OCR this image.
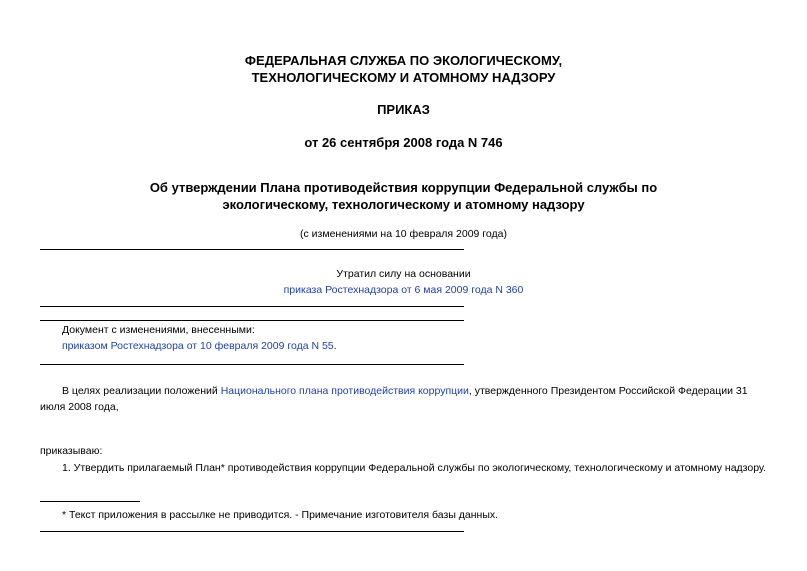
ФЕДЕРАЛЬНАЯ СЛУЖБА ПО ЭКОЛОГИЧЕСКОМУ,
ТЕХНОЛОГИЧЕСКОМУ И АТОМНОМУ НАДЗОРУ
ПРИКАЗ
от 26 сентября 2008 года N 746
Об утверждении Плана противодействия коррупции Федеральной службы по
экологическому, технологическому и атомному надзору
(с изменениями на 10 февраля 2009 года)
Утратил силу на основании
приказа Ростехнадзора от 6 мая 2009 года N 360
Документ с изменениями, внесенными:
приказом Ростехнадзора от 10 февраля 2009 года N 55.
В целях реализации положений Национального плана противодействия коррупции, утвержденного Президентом Российской Федерации 31 июля 2008 года,
приказываю:
1. Утвердить прилагаемый План* противодействия коррупции Федеральной службы по экологическому, технологическому и атомному надзору.
* Текст приложения в рассылке не приводится. - Примечание изготовителя базы данных.
